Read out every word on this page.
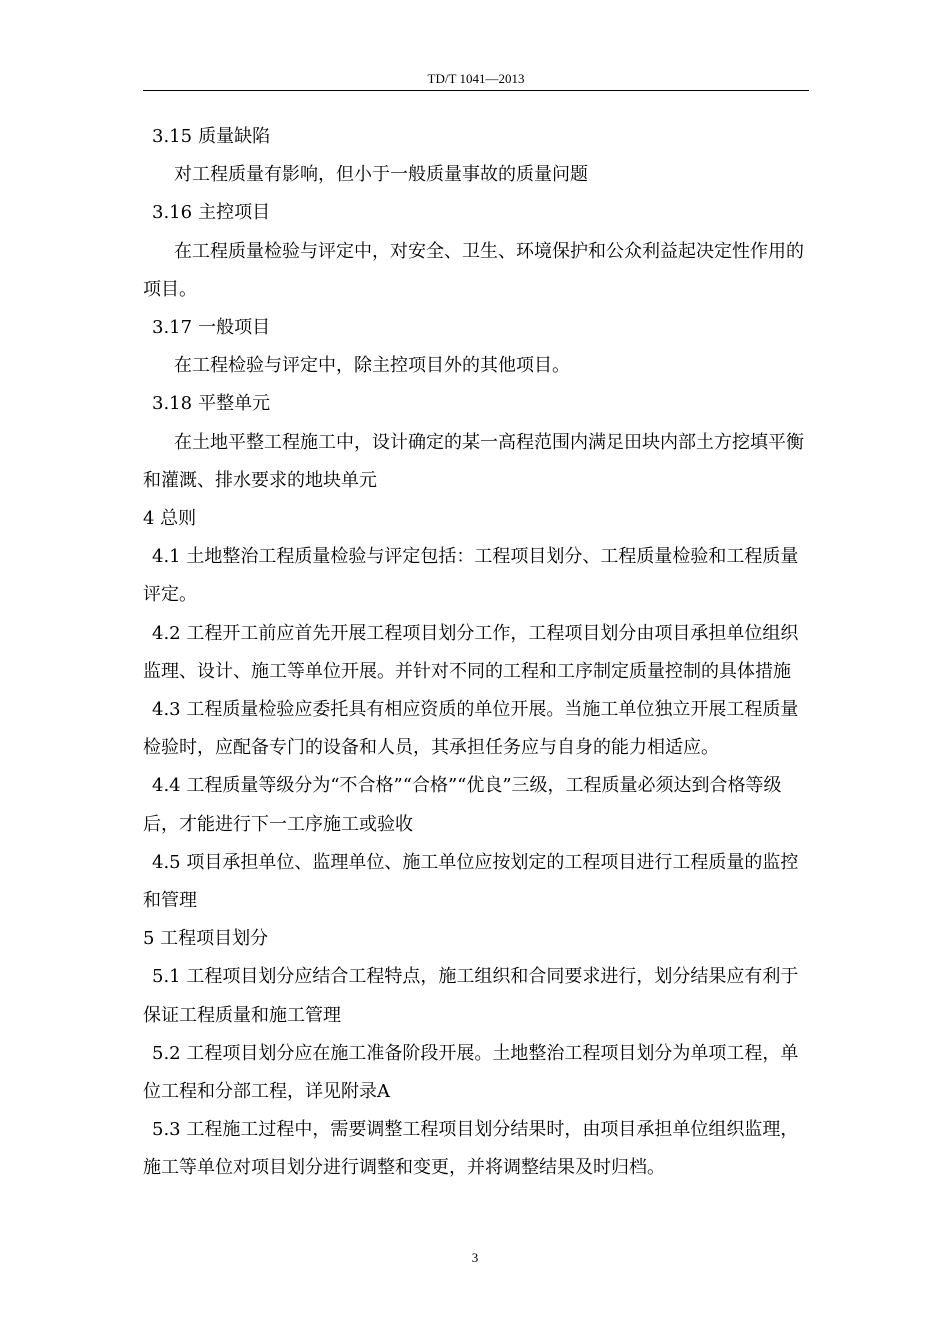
TD/T 1041—2013

3.15 质量缺陷

对工程质量有影响，但小于一般质量事故的质量问题

3.16 主控项目

在工程质量检验与评定中，对安全、卫生、环境保护和公众利益起决定性作用的项目。

3.17 一般项目

在工程检验与评定中，除主控项目外的其他项目。

3.18 平整单元

在土地平整工程施工中，设计确定的某一高程范围内满足田块内部土方挖填平衡和灌溉、排水要求的地块单元

4 总则

4.1 土地整治工程质量检验与评定包括：工程项目划分、工程质量检验和工程质量评定。

4.2 工程开工前应首先开展工程项目划分工作，工程项目划分由项目承担单位组织监理、设计、施工等单位开展。并针对不同的工程和工序制定质量控制的具体措施

4.3 工程质量检验应委托具有相应资质的单位开展。当施工单位独立开展工程质量检验时，应配备专门的设备和人员，其承担任务应与自身的能力相适应。

4.4 工程质量等级分为“不合格”“合格”“优良”三级，工程质量必须达到合格等级后，才能进行下一工序施工或验收

4.5 项目承担单位、监理单位、施工单位应按划定的工程项目进行工程质量的监控和管理

5 工程项目划分

5.1 工程项目划分应结合工程特点，施工组织和合同要求进行，划分结果应有利于保证工程质量和施工管理

5.2 工程项目划分应在施工准备阶段开展。土地整治工程项目划分为单项工程，单位工程和分部工程，详见附录A

5.3 工程施工过程中，需要调整工程项目划分结果时，由项目承担单位组织监理，施工等单位对项目划分进行调整和变更，并将调整结果及时归档。

3
